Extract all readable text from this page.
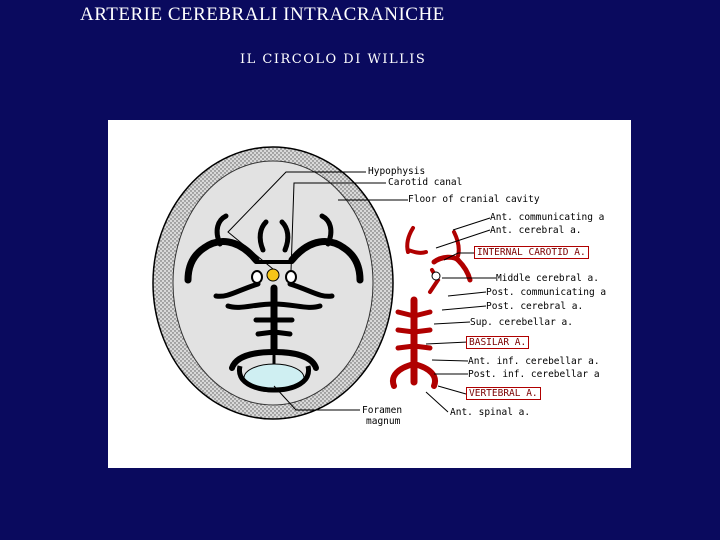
ARTERIE CEREBRALI INTRACRANICHE
IL CIRCOLO DI WILLIS
Hypophysis
Carotid canal
Floor of cranial cavity
Ant. communicating a
Ant. cerebral a.
INTERNAL CAROTID A.
Middle cerebral a.
Post. communicating a
Post. cerebral a.
Sup. cerebellar a.
BASILAR A.
Ant. inf. cerebellar a.
Post. inf. cerebellar a
VERTEBRAL A.
Ant. spinal a.
Foramen
magnum
